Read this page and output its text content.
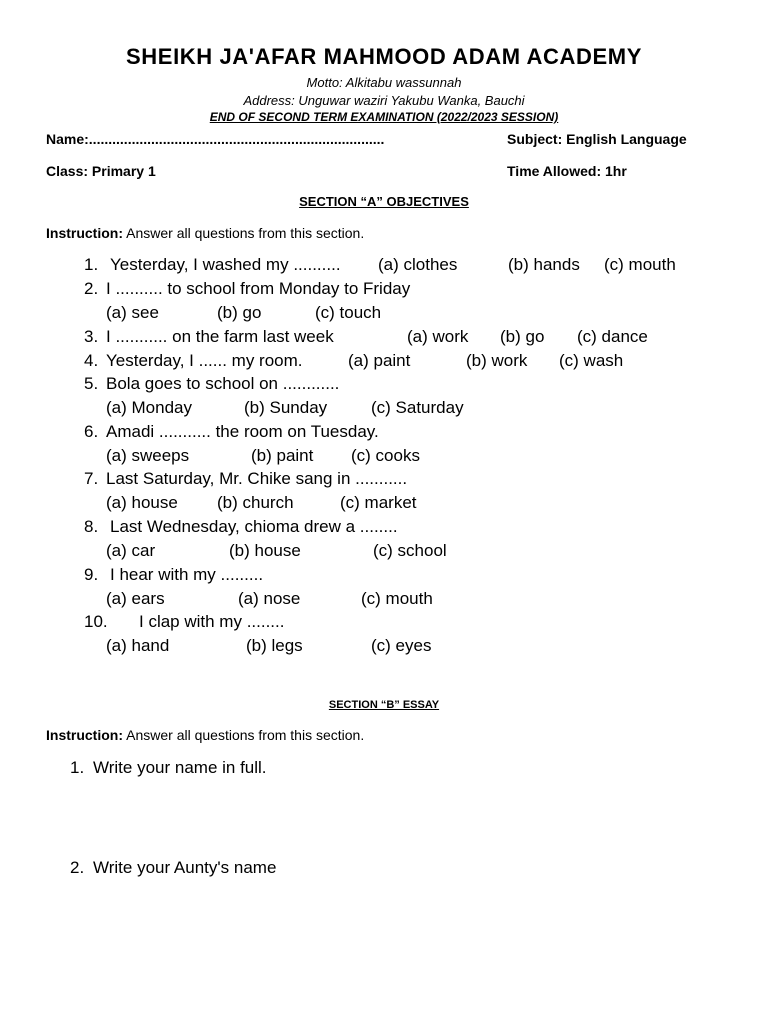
SHEIKH JA'AFAR MAHMOOD ADAM ACADEMY
Motto: Alkitabu wassunnah
Address: Unguwar waziri Yakubu Wanka, Bauchi
END OF SECOND TERM EXAMINATION (2022/2023 SESSION)
Name:............................................................................	Subject: English Language
Class: Primary 1	Time Allowed: 1hr
SECTION “A” OBJECTIVES
Instruction: Answer all questions from this section.
1. Yesterday, I washed my .......... (a) clothes	(b) hands (c) mouth
2. I .......... to school from Monday to Friday
(a) see	(b) go	(c) touch
3. I ........... on the farm last week	(a) work (b) go (c) dance
4. Yesterday, I ...... my room.	(a) paint	(b) work (c) wash
5. Bola goes to school on ............
(a) Monday	(b) Sunday	(c) Saturday
6. Amadi ........... the room on Tuesday.
(a) sweeps	(b) paint (c) cooks
7. Last Saturday, Mr. Chike sang in ...........
(a) house (b) church	(c) market
8. Last Wednesday, chioma drew a ........
(a) car	(b) house	(c) school
9. I hear with my .........
(a) ears	(a) nose	(c) mouth
10. I clap with my ........
(a) hand	(b) legs	(c) eyes
SECTION “B” ESSAY
Instruction: Answer all questions from this section.
1. Write your name in full.
2. Write your Aunty's name
